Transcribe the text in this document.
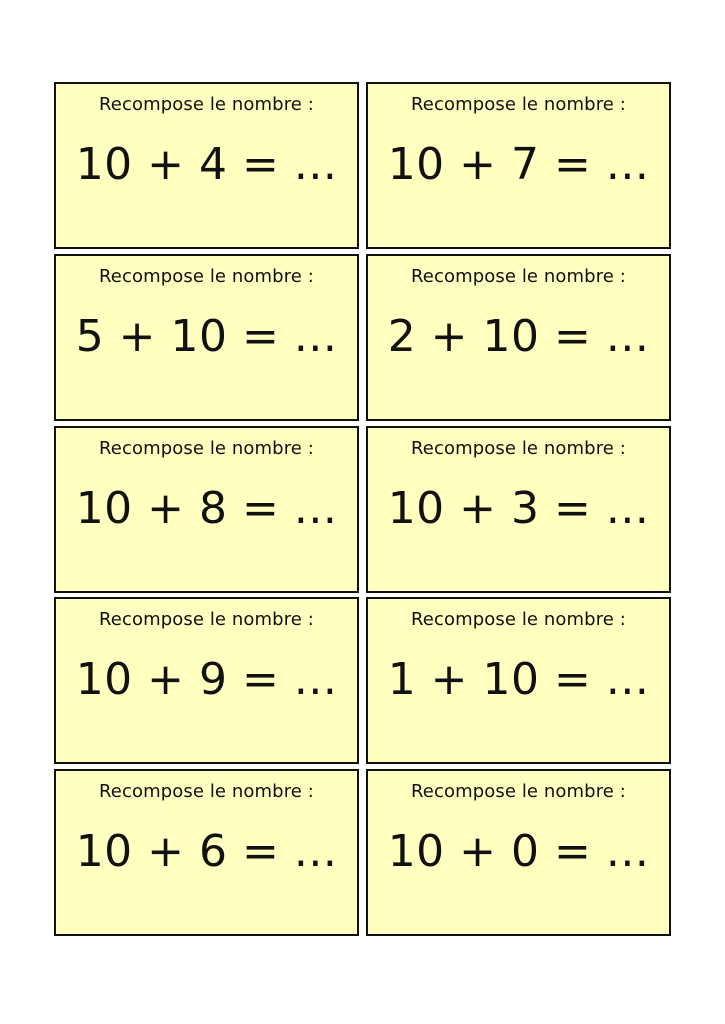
Recompose le nombre :
10 + 4 = ...
Recompose le nombre :
10 + 7 = ...
Recompose le nombre :
5 + 10 = ...
Recompose le nombre :
2 + 10 = ...
Recompose le nombre :
10 + 8 = ...
Recompose le nombre :
10 + 3 = ...
Recompose le nombre :
10 + 9 = ...
Recompose le nombre :
1 + 10 = ...
Recompose le nombre :
10 + 6 = ...
Recompose le nombre :
10 + 0 = ...
